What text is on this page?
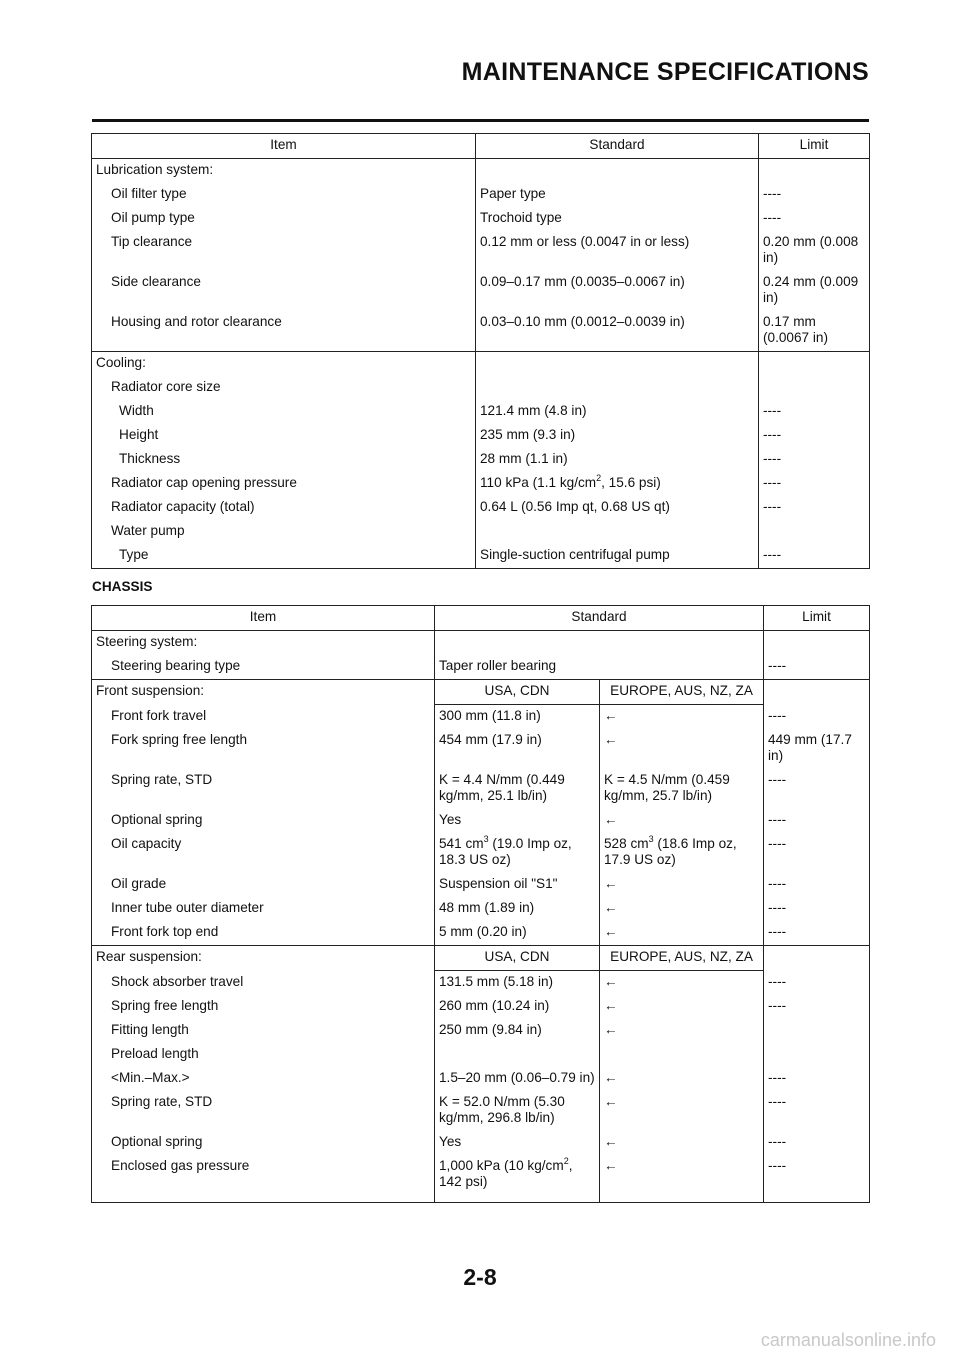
MAINTENANCE SPECIFICATIONS
Item	Standard	Limit
Lubrication system:		
Oil filter type	Paper type	----
Oil pump type	Trochoid type	----
Tip clearance	0.12 mm or less (0.0047 in or less)	0.20 mm (0.008 in)
Side clearance	0.09–0.17 mm (0.0035–0.0067 in)	0.24 mm (0.009 in)
Housing and rotor clearance	0.03–0.10 mm (0.0012–0.0039 in)	0.17 mm (0.0067 in)
Cooling:		
Radiator core size		
Width	121.4 mm (4.8 in)	----
Height	235 mm (9.3 in)	----
Thickness	28 mm (1.1 in)	----
Radiator cap opening pressure	110 kPa (1.1 $kg/cm^2$, 15.6 psi)	----
Radiator capacity (total)	0.64 L (0.56 Imp qt, 0.68 US qt)	----
Water pump		
Type	Single-suction centrifugal pump	----
CHASSIS
Item	Standard		Limit
Steering system:			
Steering bearing type	Taper roller bearing		----
Front suspension:	USA, CDN	EUROPE, AUS, NZ, ZA	
Front fork travel	300 mm (11.8 in)	←	----
Fork spring free length	454 mm (17.9 in)	←	449 mm (17.7 in)
Spring rate, STD	K = 4.4 N/mm (0.449 kg/mm, 25.1 lb/in)	K = 4.5 N/mm (0.459 kg/mm, 25.7 lb/in)	----
Optional spring	Yes	←	----
Oil capacity	541 $cm^3$ (19.0 Imp oz, 18.3 US oz)	528 $cm^3$ (18.6 Imp oz, 17.9 US oz)	----
Oil grade	Suspension oil "S1"	←	----
Inner tube outer diameter	48 mm (1.89 in)	←	----
Front fork top end	5 mm (0.20 in)	←	----
Rear suspension:	USA, CDN	EUROPE, AUS, NZ, ZA	
Shock absorber travel	131.5 mm (5.18 in)	←	----
Spring free length	260 mm (10.24 in)	←	----
Fitting length	250 mm (9.84 in)	←	
Preload length			
<Min.–Max.>	1.5–20 mm (0.06–0.79 in)	←	----
Spring rate, STD	K = 52.0 N/mm (5.30 kg/mm, 296.8 lb/in)	←	----
Optional spring	Yes	←	----
Enclosed gas pressure	1,000 kPa (10 $kg/cm^2$, 142 psi)	←	----
2-8
carmanualsonline.info
